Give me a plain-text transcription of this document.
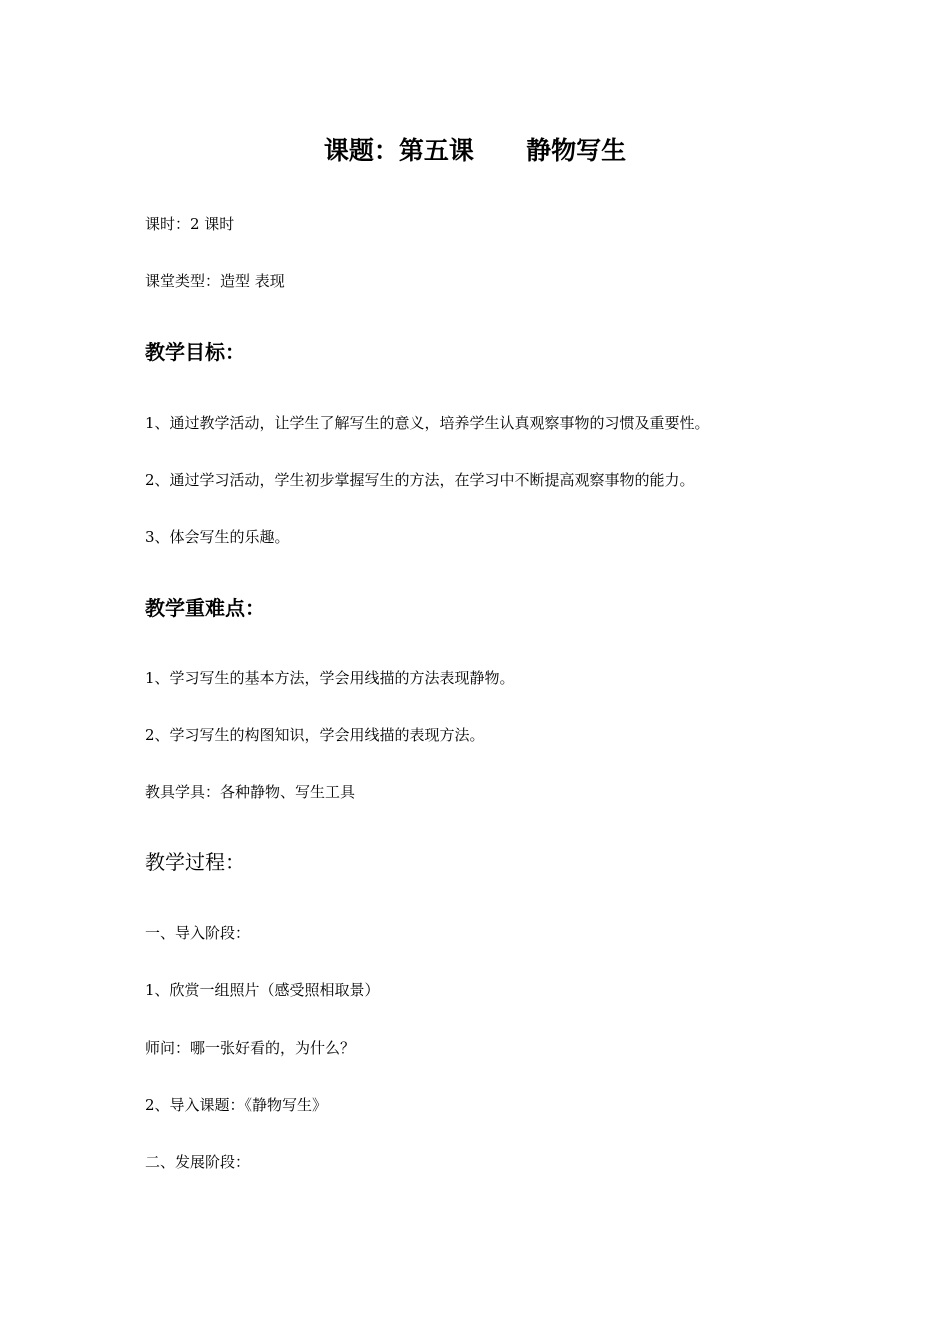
课题：第五课      静物写生
课时：2 课时
课堂类型：造型 表现
教学目标：
1、通过教学活动，让学生了解写生的意义，培养学生认真观察事物的习惯及重要性。
2、通过学习活动，学生初步掌握写生的方法，在学习中不断提高观察事物的能力。
3、体会写生的乐趣。
教学重难点：
1、学习写生的基本方法，学会用线描的方法表现静物。
2、学习写生的构图知识，学会用线描的表现方法。
教具学具：各种静物、写生工具
教学过程：
一、导入阶段：
1、欣赏一组照片（感受照相取景）
师问：哪一张好看的，为什么？
2、导入课题：《静物写生》
二、发展阶段：
